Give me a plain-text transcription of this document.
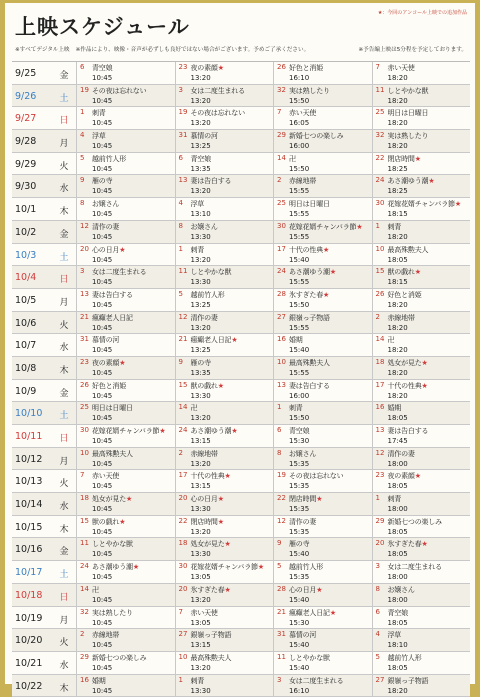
上映スケジュール
★：今回のアンコール上映での追加作品
※すべてデジタル上映 ※作品により、映像・音声が必ずしも良好ではない場合がございます。予めご了承ください。	※予告編上映は5分程を予定しております。
9/25	金
6 青空娘
10:45
23 夜の素顔★
13:20
26 好色と消姫
16:10
7 赤い天使
18:20
9/26	土
19 その夜は忘れない
10:45
3 女は二度生まれる
13:20
32 実は熟したり
15:50
11 しとやかな獣
18:20
9/27	日
1 刺青
10:45
19 その夜は忘れない
13:20
7 赤い天使
16:05
25 明日は日曜日
18:20
9/28	月
4 浮草
10:45
31 慕情の河
13:25
29 新婚七つの楽しみ
16:00
32 実は熟したり
18:20
9/29	火
5 越前竹人形
10:45
6 青空娘
13:35
14 卍
15:50
22 閉店時間★
18:25
9/30	水
9 雁の寺
10:45
13 妻は告白する
13:20
2 赤線地帯
15:55
24 あさ潮ゆう潮★
18:25
10/1	木
8 お嬢さん
10:45
4 浮草
13:10
25 明日は日曜日
15:55
30 花嫁花婿チャンバラ節★
18:15
10/2	金
12 清作の妻
10:45
8 お嬢さん
13:30
30 花嫁花婿チャンバラ節★
15:55
1 刺青
18:20
10/3	土
20 心の日月★
10:45
1 刺青
13:20
17 十代の性典★
15:40
10 最高殊勲夫人
18:05
10/4	日
3 女は二度生まれる
10:45
11 しとやかな獣
13:30
24 あさ潮ゆう潮★
15:55
15 獣の戯れ★
18:15
10/5	月
13 妻は告白する
10:45
5 越前竹人形
13:25
28 氷すぎた春★
15:50
26 好色と消姫
18:20
10/6	火
21 瘋癲老人日記
10:45
12 清作の妻
13:20
27 銀嶺っ子物語
15:55
2 赤線地帯
18:20
10/7	水
31 慕情の河
10:45
21 瘋癲老人日記★
13:25
16 婚期
15:40
14 卍
18:20
10/8	木
23 夜の素顔★
10:45
9 雁の寺
13:35
10 最高殊勲夫人
15:55
18 処女が見た★
18:20
10/9	金
26 好色と消姫
10:45
15 獣の戯れ★
13:30
13 妻は告白する
16:00
17 十代の性典★
18:20
10/10	土
25 明日は日曜日
10:45
14 卍
13:20
1 刺青
15:50
16 婚期
18:05
10/11	日
30 花嫁花婿チャンバラ節★
10:45
24 あさ潮ゆう潮★
13:15
6 青空娘
15:30
13 妻は告白する
17:45
10/12	月
10 最高殊勲夫人
10:45
2 赤線地帯
13:20
8 お嬢さん
15:35
12 清作の妻
18:00
10/13	火
7 赤い天使
10:45
17 十代の性典★
13:15
19 その夜は忘れない
15:35
23 夜の素顔★
18:05
10/14	水
18 処女が見た★
10:45
20 心の日月★
13:30
22 閉店時間★
15:35
1 刺青
18:00
10/15	木
15 獣の戯れ★
10:45
22 閉店時間★
13:20
12 清作の妻
15:35
29 新婚七つの楽しみ
18:05
10/16	金
11 しとやかな獣
10:45
18 処女が見た★
13:30
9 雁の寺
15:40
20 氷すぎた春★
18:05
10/17	土
24 あさ潮ゆう潮★
10:45
30 花嫁花婿チャンバラ節★
13:05
5 越前竹人形
15:35
3 女は二度生まれる
18:00
10/18	日
14 卍
10:45
20 氷すぎた春★
13:20
28 心の日月★
15:40
8 お嬢さん
18:00
10/19	月
32 実は熟したり
10:45
7 赤い天使
13:05
21 瘋癲老人日記★
15:30
6 青空娘
18:05
10/20	火
2 赤線地帯
10:45
27 銀嶺っ子物語
13:15
31 慕情の河
15:40
4 浮草
18:10
10/21	水
29 新婚七つの楽しみ
10:45
10 最高殊勲夫人
13:20
11 しとやかな獣
15:40
5 越前竹人形
18:05
10/22	木
16 婚期
10:45
1 刺青
13:30
3 女は二度生まれる
16:10
27 銀嶺っ子物語
18:20
